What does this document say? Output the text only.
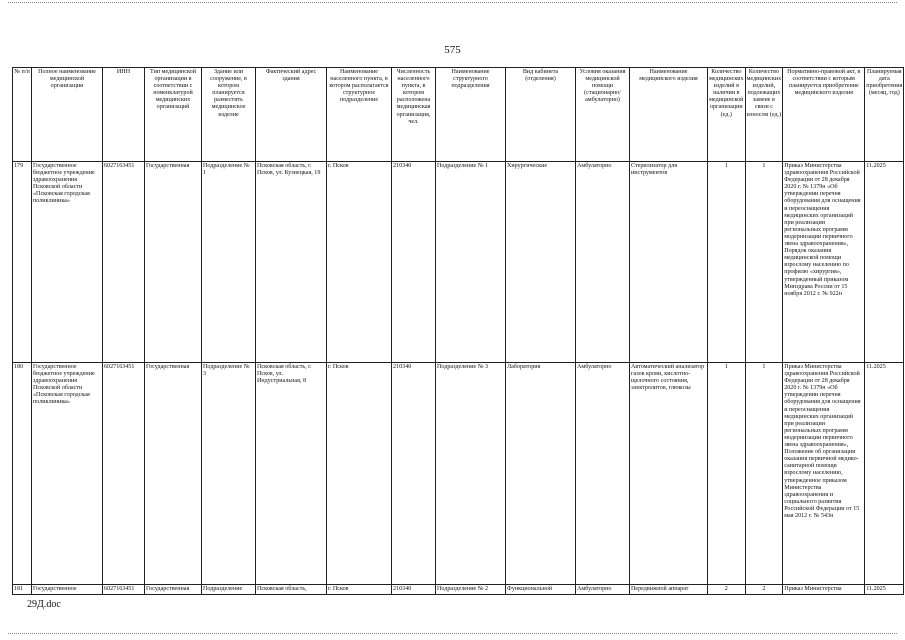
575
№ п/п	Полное наименование медицинской организации	ИНН	Тип медицинской организации в соответствии с номенклатурой медицинских организаций	Здание или сооружение, в котором планируется разместить медицинское изделие	Фактический адрес здания	Наименование населенного пункта, в котором располагается структурное подразделение	Численность населенного пункта, в котором расположена медицинская организация, чел.	Наименование структурного подразделения	Вид кабинета (отделения)	Условия оказания медицинской помощи (стационарно/ амбулаторно)	Наименование медицинского изделия	Количество медицинских изделий в наличии в медицинской организации (ед.)	Количество медицинских изделий, подлежащих замене в связи с износом (ед.)	Нормативно-правовой акт, в соответствии с которым планируется приобретение медицинского изделия	Планируемая дата приобретения (месяц, год)
179	Государственное бюджетное учреждение здравоохранения Псковской области «Псковская городская поликлиника»	6027163451	Государственная	Подразделение № 1	Псковская область, г. Псков, ул. Кузнецкая, 19	г. Псков	210340	Подразделение № 1	Хирургические	Амбулаторно	Стерилизатор для инструментов	1	1	Приказ Министерства здравоохранения Российской Федерации от 28 декабря 2020 г. № 1379н «Об утверждении перечня оборудования для оснащения и переоснащения медицинских организаций при реализации региональных программ модернизации первичного звена здравоохранения», Порядок оказания медицинской помощи взрослому населению по профилю «хирургия», утвержденный приказом Минздрава России от 15 ноября 2012 г. № 922н	11.2025
180	Государственное бюджетное учреждение здравоохранения Псковской области «Псковская городская поликлиника»	6027163451	Государственная	Подразделение № 3	Псковская область, г. Псков, ул. Индустриальная, 8	г. Псков	210340	Подразделение № 3	Лаборатория	Амбулаторно	Автоматический анализатор газов крови, кислотно-щелочного состояния, электролитов, глюкозы	1	1	Приказ Министерства здравоохранения Российской Федерации от 28 декабря 2020 г. № 1379н «Об утверждении перечня оборудования для оснащения и переоснащения медицинских организаций при реализации региональных программ модернизации первичного звена здравоохранения», Положение об организации оказания первичной медико-санитарной помощи взрослому населению, утвержденное приказом Министерства здравоохранения и социального развития Российской Федерации от 15 мая 2012 г. № 543н	11.2025
181	Государственное	6027163451	Государственная	Подразделение	Псковская область,	г. Псков	210340	Подразделение № 2	Функциональной	Амбулаторно	Передвижной аппарат	2	2	Приказ Министерства	11.2025
29Д.doc
